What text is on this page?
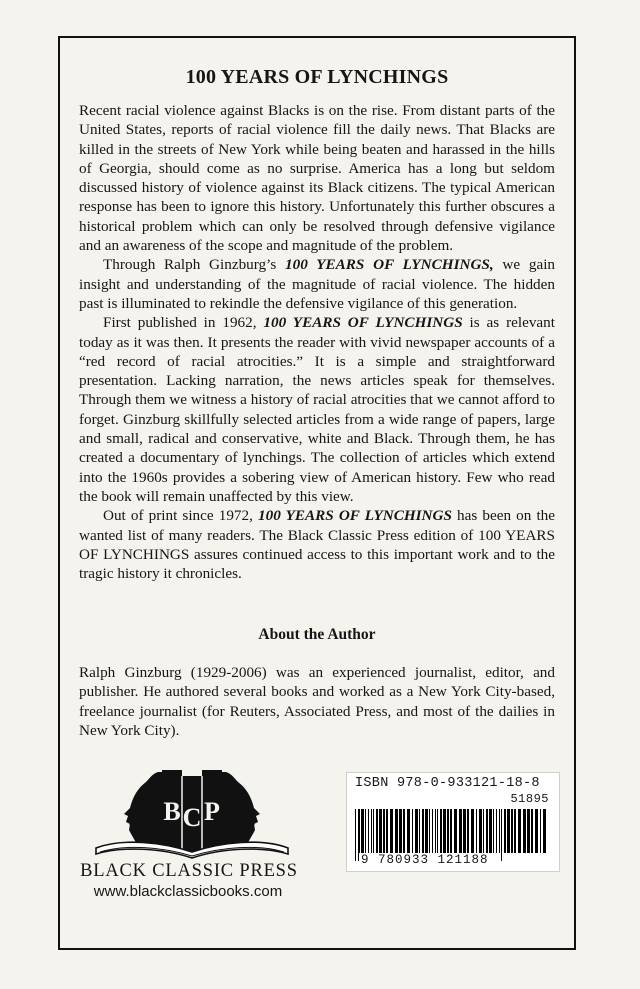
100 YEARS OF LYNCHINGS

Recent racial violence against Blacks is on the rise. From distant parts of the United States, reports of racial violence fill the daily news. That Blacks are killed in the streets of New York while being beaten and harassed in the hills of Georgia, should come as no surprise. America has a long but seldom discussed history of violence against its Black citizens. The typical American response has been to ignore this history. Unfortunately this further obscures a historical problem which can only be resolved through defensive vigilance and an awareness of the scope and magnitude of the problem.

Through Ralph Ginzburg’s 100 YEARS OF LYNCHINGS, we gain insight and understanding of the magnitude of racial violence. The hidden past is illuminated to rekindle the defensive vigilance of this generation.

First published in 1962, 100 YEARS OF LYNCHINGS is as relevant today as it was then. It presents the reader with vivid newspaper accounts of a “red record of racial atrocities.” It is a simple and straightforward presentation. Lacking narration, the news articles speak for themselves. Through them we witness a history of racial atrocities that we cannot afford to forget. Ginzburg skillfully selected articles from a wide range of papers, large and small, radical and conservative, white and Black. Through them, he has created a documentary of lynchings. The collection of articles which extend into the 1960s provides a sobering view of American history. Few who read the book will remain unaffected by this view.

Out of print since 1972, 100 YEARS OF LYNCHINGS has been on the wanted list of many readers. The Black Classic Press edition of 100 YEARS OF LYNCHINGS assures continued access to this important work and to the tragic history it chronicles.

About the Author
Ralph Ginzburg (1929-2006) was an experienced journalist, editor, and publisher. He authored several books and worked as a New York City-based, freelance journalist (for Reuters, Associated Press, and most of the dailies in New York City).
B C P
BLACK CLASSIC PRESS
www.blackclassicbooks.com
ISBN 978-0-933121-18-8
51895
9 780933 121188
